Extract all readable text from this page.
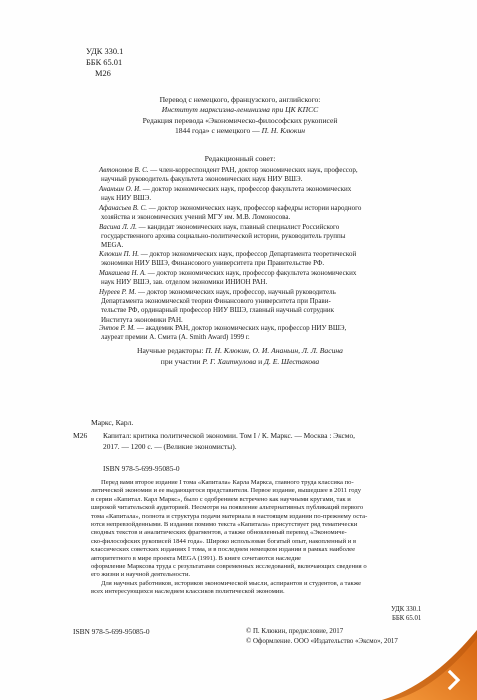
УДК 330.1
ББК 65.01
М26
Перевод с немецкого, французского, английского:
Институт марксизма-ленинизма при ЦК КПСС
Редакция перевода «Экономическо-философских рукописей
1844 года» с немецкого — П. Н. Клюкин
Редакционный совет:
Автономов В. С. — член-корреспондент РАН, доктор экономических наук, профессор,
научный руководитель факультета экономических наук НИУ ВШЭ.
Ананьин О. И. — доктор экономических наук, профессор факультета экономических
наук НИУ ВШЭ.
Афанасьев В. С. — доктор экономических наук, профессор кафедры истории народного
хозяйства и экономических учений МГУ им. М.В. Ломоносова.
Васина Л. Л. — кандидат экономических наук, главный специалист Российского
государственного архива социально-политической истории, руководитель группы
MEGA.
Клюкин П. Н. — доктор экономических наук, профессор Департамента теоретической
экономики НИУ ВШЭ, Финансового университета при Правительстве РФ.
Макашева Н. А. — доктор экономических наук, профессор факультета экономических
наук НИУ ВШЭ, зав. отделом экономики ИНИОН РАН.
Нуреев Р. М. — доктор экономических наук, профессор, научный руководитель
Департамента экономической теории Финансового университета при Прави-
тельстве РФ, ординарный профессор НИУ ВШЭ, главный научный сотрудник
Института экономики РАН.
Энтов Р. М. — академик РАН, доктор экономических наук, профессор НИУ ВШЭ,
лауреат премии А. Смита (A. Smith Award) 1999 г.
Научные редакторы: П. Н. Клюкин, О. И. Ананьин, Л. Л. Васина
при участии Р. Г. Хаиткулова и Д. Е. Шестакова
Маркс, Карл.
М26 Капитал: критика политической экономии. Том I / К. Маркс. — Москва : Эксмо,
2017. — 1200 с. — (Великие экономисты).
ISBN 978-5-699-95085-0
Перед вами второе издание I тома «Капитала» Карла Маркса, главного труда классика по-
литической экономии и ее выдающегося представителя. Первое издание, вышедшее в 2011 году
в серии «Капитал. Карл Маркс», было с одобрением встречено как научными кругами, так и
широкой читательской аудиторией. Несмотря на появление альтернативных публикаций первого
тома «Капитала», полнота и структура подачи материала в настоящем издании по-прежнему оста-
ются непревзойденными. В издании помимо текста «Капитала» присутствует ряд тематически
сводных текстов и аналитических фрагментов, а также обновленный перевод «Экономиче-
ско-философских рукописей 1844 года». Широко использован богатый опыт, накопленный и в
классических советских изданиях I тома, и в последнем немецком издании в рамках наиболее
авторитетного в мире проекта MEGA (1991). В книге сочетаются наследие
оформление Марксова труда с результатами современных исследований, включающих сведения о
его жизни и научной деятельности.
Для научных работников, историков экономической мысли, аспирантов и студентов, а также
всех интересующихся наследием классиков политической экономии.
УДК 330.1
ББК 65.01
ISBN 978-5-699-95085-0	© П. Клюкин, предисловие, 2017
© Оформление. ООО «Издательство «Эксмо», 2017
